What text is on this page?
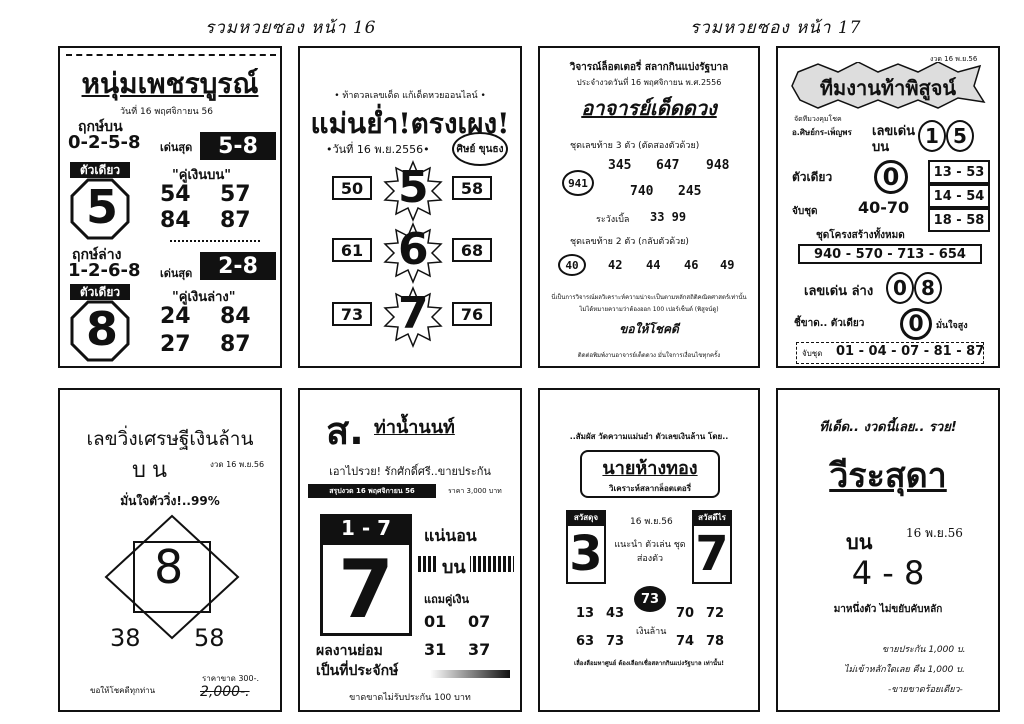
รวมหวยซอง หน้า 16	รวมหวยซอง หน้า 17
หนุ่มเพชรบูรณ์
วันที่ 16 พฤศจิกายน 56
ฤกษ์บน
0-2-5-8 เด่นสุด	5-8
ตัวเดียว
5
"คู่เงินบน"
54 57
84 87
ฤกษ์ล่าง
1-2-6-8 เด่นสุด	2-8
ตัวเดียว
8
"คู่เงินล่าง"
24 84
27 87
• ท้าตวลเลขเด็ด แก้เด็ดหวยออนไลน์ •
แม่นย่ำ!ตรงเผง!
•วันที่ 16 พ.ย.2556•	ศิษย์ ขุนธง
50 5	58
61 6	68
73 7	76
วิจารณ์ล็อตเตอรี่ สลากกินแบ่งรัฐบาล
ประจำงวดวันที่ 16 พฤศจิกายน พ.ศ.2556
อาจารย์เด็ดดวง
ชุดเลขท้าย 3 ตัว (ตัดสองตัวด้วย)
345 647 948
941
740 245
ระวังเบิ้ล 33 99
ชุดเลขท้าย 2 ตัว (กลับตัวด้วย)
40	42 44 46 49
นี่เป็นการวิจารณ์ผลวิเคราะห์ความน่าจะเป็นตามหลักสถิติคณิตศาสตร์เท่านั้น
ไม่ได้หมายความว่าต้องออก 100 เปอร์เซ็นต์ (พิสูจน์ดู)
ขอให้โชคดี
ติดต่อพิมพ์งานอาจารย์เด็ดดวง มั่นใจการเงื่อนไขทุกครั้ง
งวด 16 พ.ย.56
ทีมงานท้าพิสูจน์
จัดทีมวงคุมโชค
อ.ศิษย์กร-เพ็ญพร เลขเด่น บน	1 5
ตัวเดียว	0
จับชุด	40-70
13 - 53
14 - 54
18 - 58
ชุดโครงสร้างทั้งหมด
940 - 570 - 713 - 654
เลขเด่น ล่าง 0 8
ชี้ขาด.. ตัวเดียว	0	มั่นใจสูง
จับชุด 01 - 04 - 07 - 81 - 87
เลขวิ่งเศรษฐีเงินล้าน
บน	งวด 16 พ.ย.56
มั่นใจตัววิ่ง!..99%
8
38 58
ขอให้โชคดีทุกท่าน
ราคาขาด 300-.
2,000-.
ส. ท่าน้ำนนท์
เอาไปรวย! รักศักดิ์ศรี..ขายประกัน
สรุปงวด 16 พฤศจิกายน 56	ราคา 3,000 บาท
1 - 7
7
แน่นอน
บน
แถมคู่เงิน
01 07
31 37
ผลงานย่อม
เป็นที่ประจักษ์
ขาดขาดไม่รับประกัน 100 บาท
..สัมผัส วัดความแม่นยำ ตัวเลขเงินล้าน โดย..
นายห้างทอง
วิเคราะห์สลากล็อตเตอรี่
16 พ.ย.56
สวัสดุจ
3
สวัสดีไร
7
แนะนำ ตัวเล่น ชุดส่องตัว
73
13 43	70 72
เงินล้าน
63 73	74 78
เลื่องลือมหาศูนย์ ต้องเลือกเชื่อสลากกินแบ่งรัฐบาล เท่านั้น!
ทีเด็ด.. งวดนี้เลย.. รวย!
วีระสุดา
บน	16 พ.ย.56
4 - 8
มาหนึ่งตัว ไม่ขยับคับหลัก
ขายประกัน 1,000 บ.
ไม่เข้าหลักใดเลย คืน 1,000 บ.
-ขายขาดร้อยเดียว-
